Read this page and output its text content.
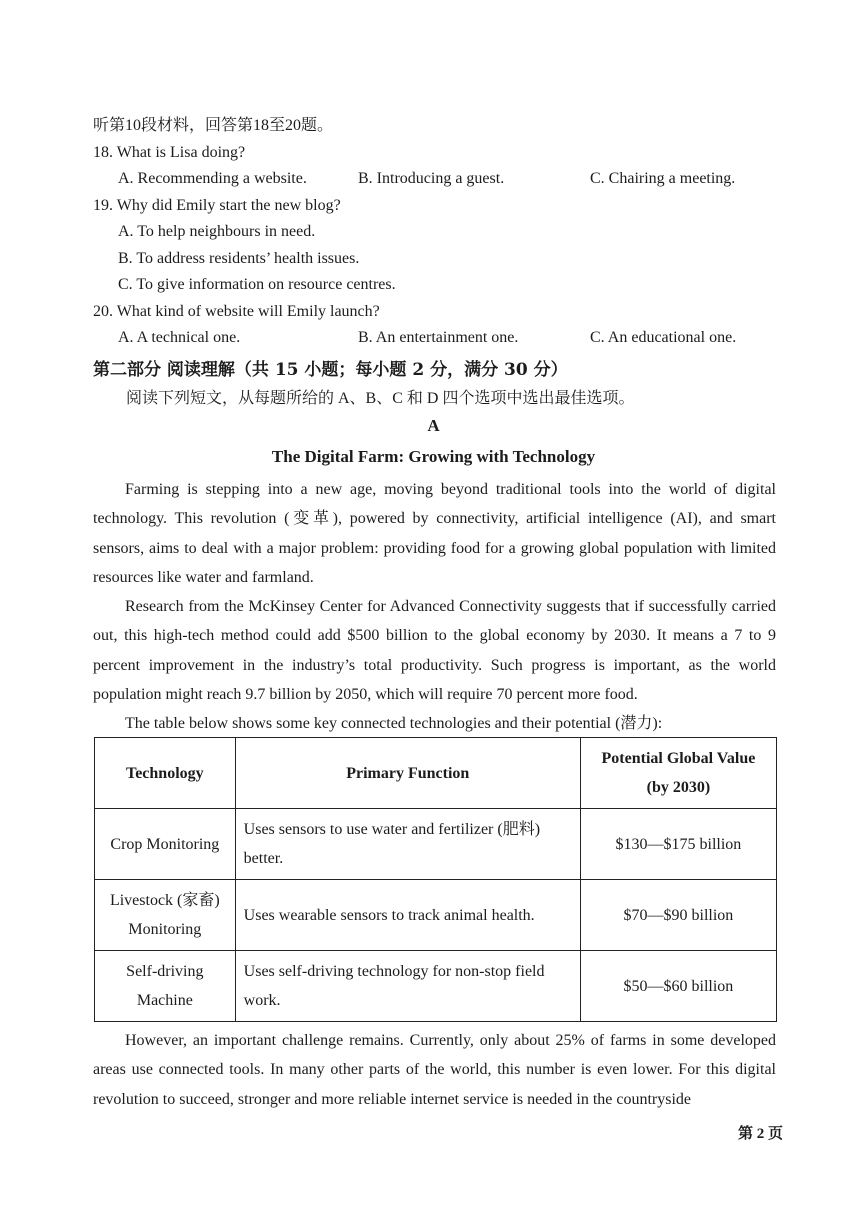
听第10段材料，回答第18至20题。
18. What is Lisa doing?
A. Recommending a website.	B. Introducing a guest.	C. Chairing a meeting.
19. Why did Emily start the new blog?
A. To help neighbours in need.
B. To address residents’ health issues.
C. To give information on resource centres.
20. What kind of website will Emily launch?
A. A technical one.	B. An entertainment one.	C. An educational one.
第二部分 阅读理解（共 15 小题；每小题 2 分，满分 30 分）
阅读下列短文，从每题所给的 A、B、C 和 D 四个选项中选出最佳选项。
A
The Digital Farm: Growing with Technology
Farming is stepping into a new age, moving beyond traditional tools into the world of digital technology. This revolution (变革), powered by connectivity, artificial intelligence (AI), and smart sensors, aims to deal with a major problem: providing food for a growing global population with limited resources like water and farmland.
Research from the McKinsey Center for Advanced Connectivity suggests that if successfully carried out, this high-tech method could add $500 billion to the global economy by 2030. It means a 7 to 9 percent improvement in the industry’s total productivity. Such progress is important, as the world population might reach 9.7 billion by 2050, which will require 70 percent more food.
The table below shows some key connected technologies and their potential (潜力):
Technology	Primary Function	Potential Global Value (by 2030)
Crop Monitoring	Uses sensors to use water and fertilizer (肥料) better.	$130—$175 billion
Livestock (家畜) Monitoring	Uses wearable sensors to track animal health.	$70—$90 billion
Self-driving Machine	Uses self-driving technology for non-stop field work.	$50—$60 billion
However, an important challenge remains. Currently, only about 25% of farms in some developed areas use connected tools. In many other parts of the world, this number is even lower. For this digital revolution to succeed, stronger and more reliable internet service is needed in the countryside
第 2 页
